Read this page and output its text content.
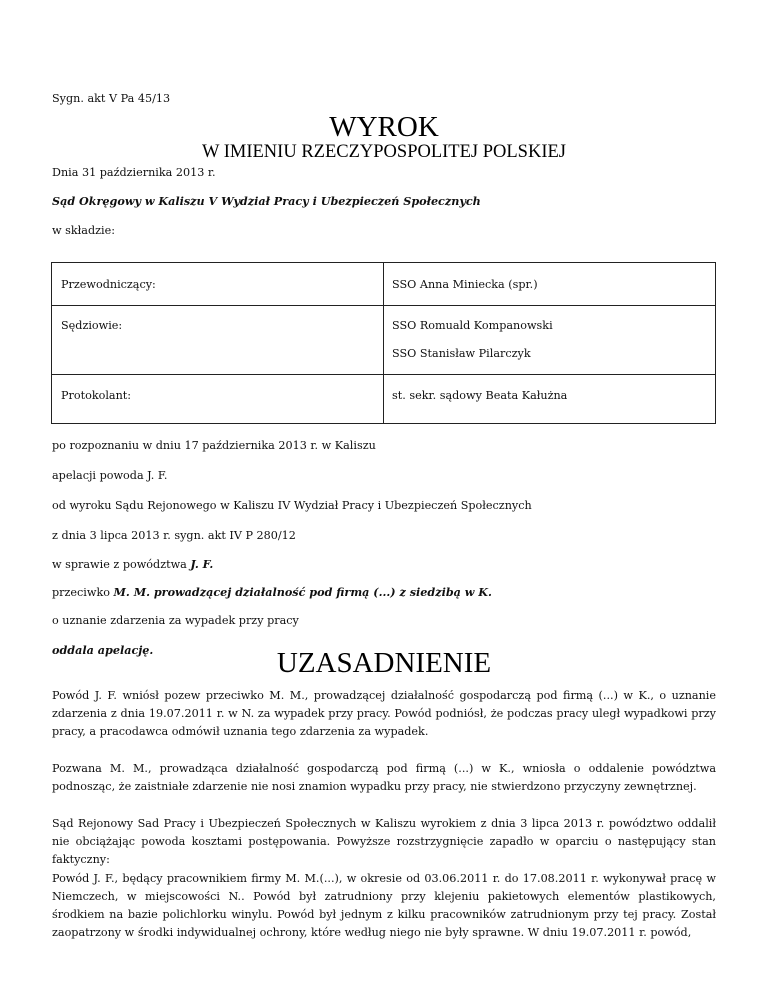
Sygn. akt V Pa 45/13
WYROK
W IMIENIU RZECZYPOSPOLITEJ POLSKIEJ
Dnia 31 października 2013 r.
Sąd Okręgowy w Kaliszu V Wydział Pracy i Ubezpieczeń Społecznych
w składzie:
Przewodniczący:	SSO Anna Miniecka (spr.)
Sędziowie:	SSO Romuald Kompanowski
SSO Stanisław Pilarczyk
Protokolant:	st. sekr. sądowy Beata Kałużna
po rozpoznaniu w dniu 17 października 2013 r. w Kaliszu
apelacji powoda J. F.
od wyroku Sądu Rejonowego w Kaliszu IV Wydział Pracy i Ubezpieczeń Społecznych
z dnia 3 lipca 2013 r. sygn. akt IV P 280/12
w sprawie z powództwa J. F.
przeciwko M. M. prowadzącej działalność pod firmą (...) z siedzibą w K.
o uznanie zdarzenia za wypadek przy pracy
oddala apelację.	UZASADNIENIE
Powód J. F. wniósł pozew przeciwko M. M., prowadzącej działalność gospodarczą pod firmą (...) w K., o uznanie zdarzenia z dnia 19.07.2011 r. w N. za wypadek przy pracy. Powód podniósł, że podczas pracy uległ wypadkowi przy pracy, a pracodawca odmówił uznania tego zdarzenia za wypadek.
Pozwana M. M., prowadząca działalność gospodarczą pod firmą (...) w K., wniosła o oddalenie powództwa podnosząc, że zaistniałe zdarzenie nie nosi znamion wypadku przy pracy, nie stwierdzono przyczyny zewnętrznej.
Sąd Rejonowy Sad Pracy i Ubezpieczeń Społecznych w Kaliszu wyrokiem z dnia 3 lipca 2013 r. powództwo oddalił nie obciążając powoda kosztami postępowania. Powyższe rozstrzygnięcie zapadło w oparciu o następujący stan faktyczny:
Powód J. F., będący pracownikiem firmy M. M.(...), w okresie od 03.06.2011 r. do 17.08.2011 r. wykonywał pracę w Niemczech, w miejscowości N.. Powód był zatrudniony przy klejeniu pakietowych elementów plastikowych, środkiem na bazie polichlorku winylu. Powód był jednym z kilku pracowników zatrudnionym przy tej pracy. Został zaopatrzony w środki indywidualnej ochrony, które według niego nie były sprawne. W dniu 19.07.2011 r. powód,
